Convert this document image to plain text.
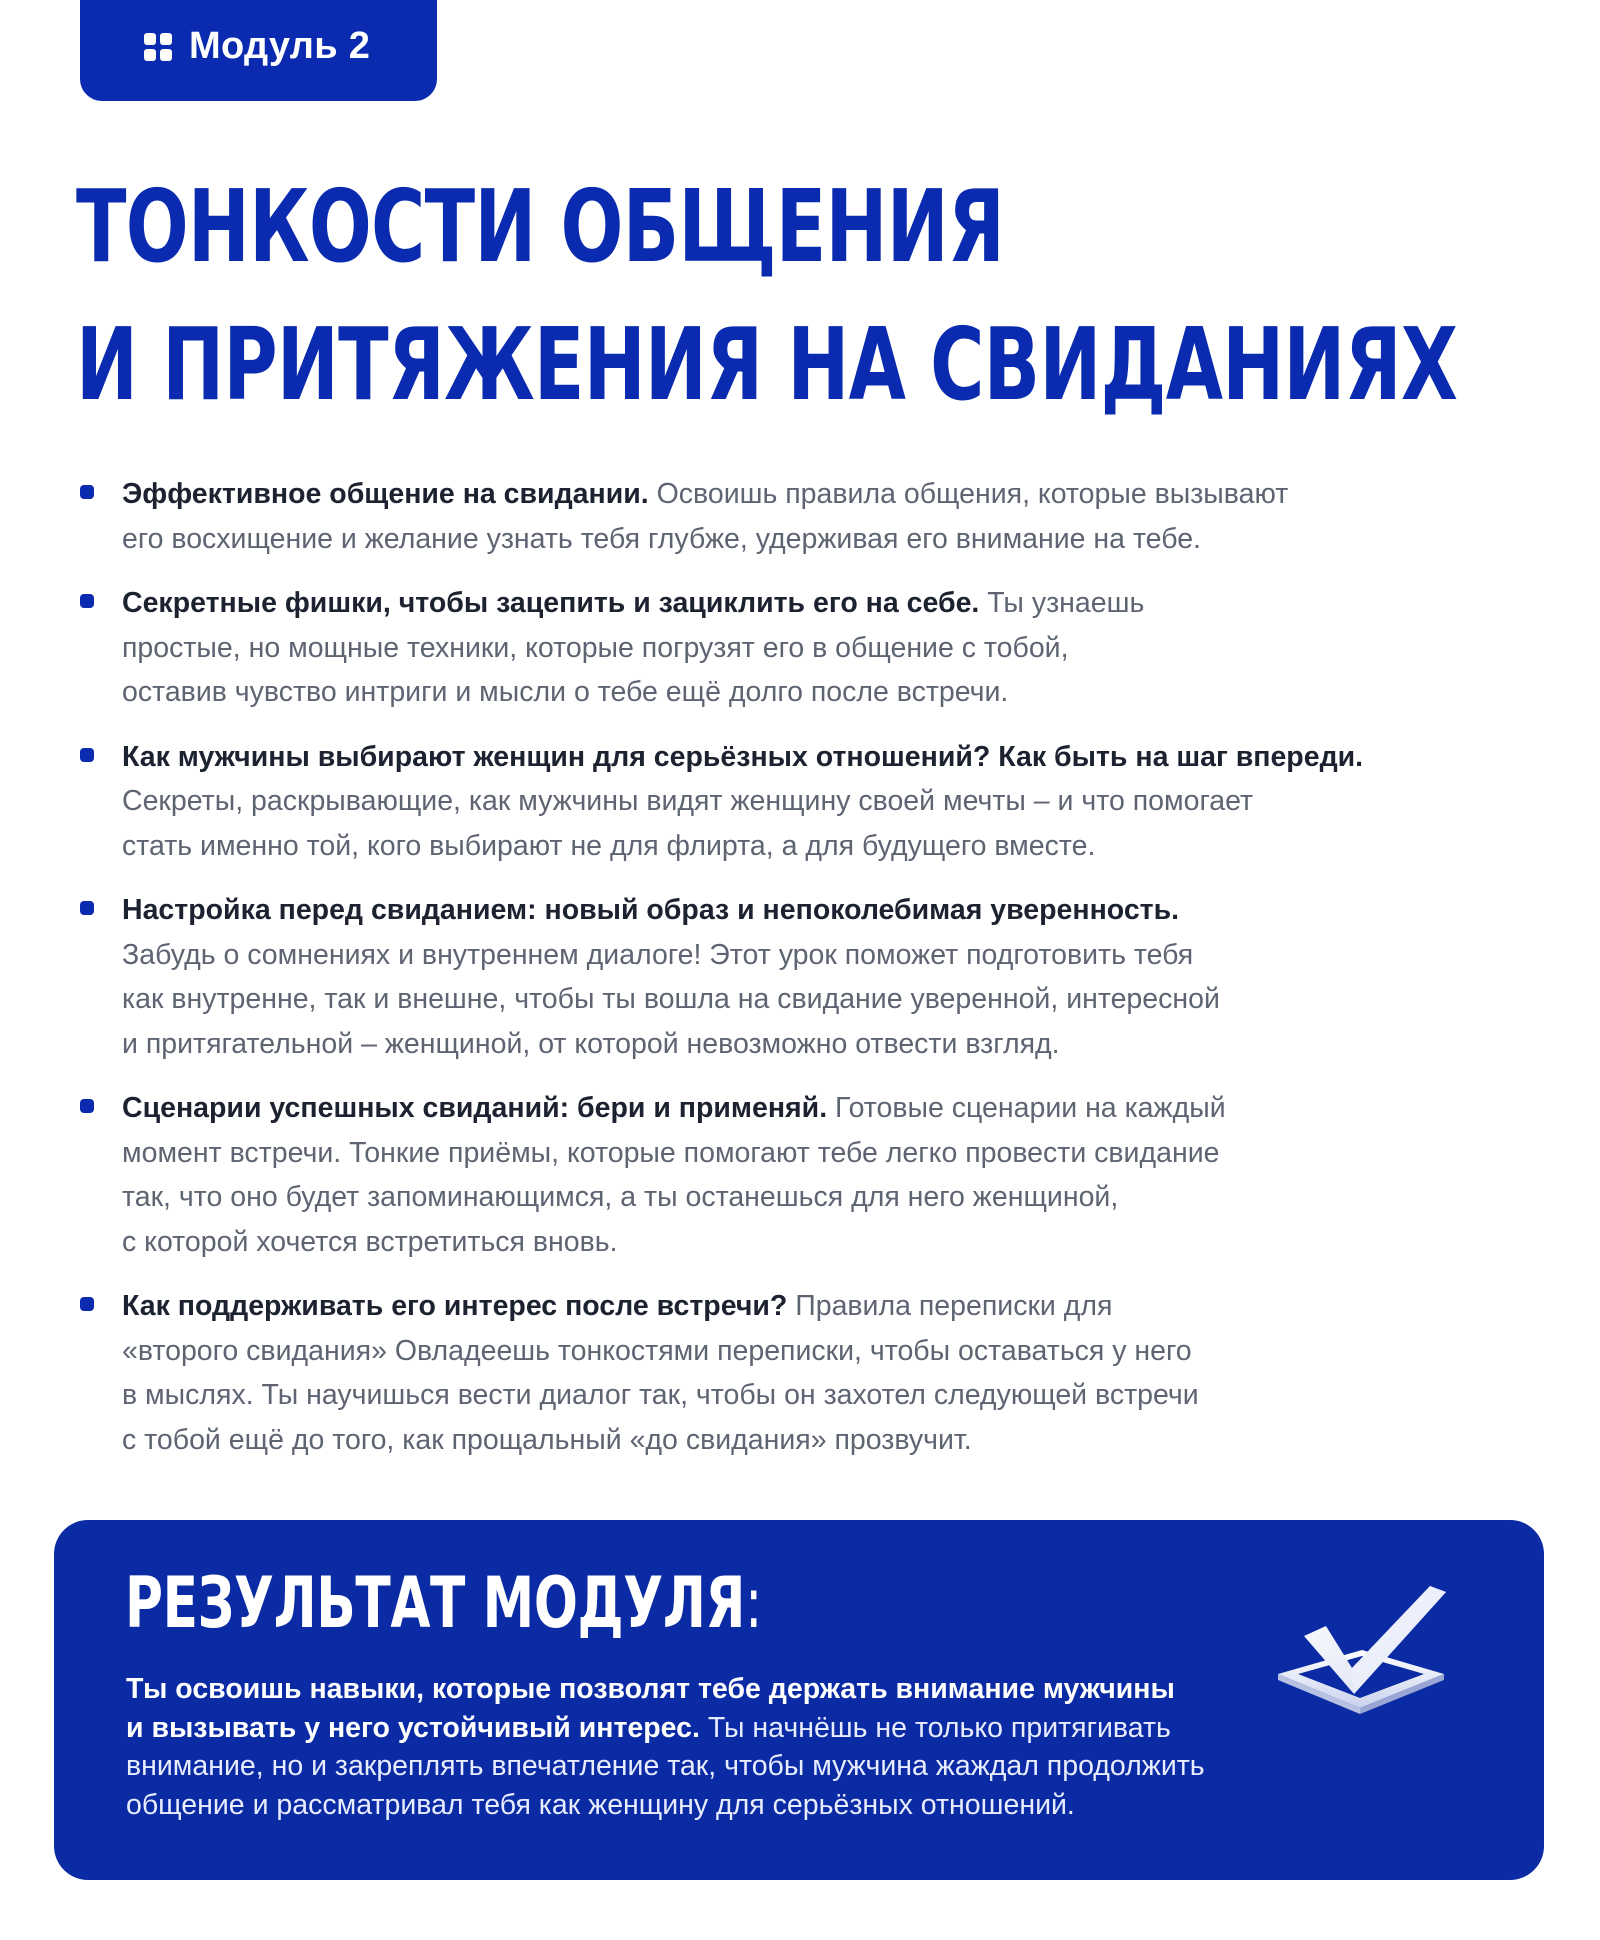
Модуль 2
ТОНКОСТИ ОБЩЕНИЯ
И ПРИТЯЖЕНИЯ НА СВИДАНИЯХ
Эффективное общение на свидании. Освоишь правила общения, которые вызывают
его восхищение и желание узнать тебя глубже, удерживая его внимание на тебе.
Секретные фишки, чтобы зацепить и зациклить его на себе. Ты узнаешь
простые, но мощные техники, которые погрузят его в общение с тобой,
оставив чувство интриги и мысли о тебе ещё долго после встречи.
Как мужчины выбирают женщин для серьёзных отношений? Как быть на шаг впереди.
Секреты, раскрывающие, как мужчины видят женщину своей мечты – и что помогает
стать именно той, кого выбирают не для флирта, а для будущего вместе.
Настройка перед свиданием: новый образ и непоколебимая уверенность.
Забудь о сомнениях и внутреннем диалоге! Этот урок поможет подготовить тебя
как внутренне, так и внешне, чтобы ты вошла на свидание уверенной, интересной
и притягательной – женщиной, от которой невозможно отвести взгляд.
Сценарии успешных свиданий: бери и применяй. Готовые сценарии на каждый
момент встречи. Тонкие приёмы, которые помогают тебе легко провести свидание
так, что оно будет запоминающимся, а ты останешься для него женщиной,
с которой хочется встретиться вновь.
Как поддерживать его интерес после встречи? Правила переписки для
«второго свидания» Овладеешь тонкостями переписки, чтобы оставаться у него
в мыслях. Ты научишься вести диалог так, чтобы он захотел следующей встречи
с тобой ещё до того, как прощальный «до свидания» прозвучит.
РЕЗУЛЬТАТ МОДУЛЯ:
Ты освоишь навыки, которые позволят тебе держать внимание мужчины
и вызывать у него устойчивый интерес. Ты начнёшь не только притягивать
внимание, но и закреплять впечатление так, чтобы мужчина жаждал продолжить
общение и рассматривал тебя как женщину для серьёзных отношений.
